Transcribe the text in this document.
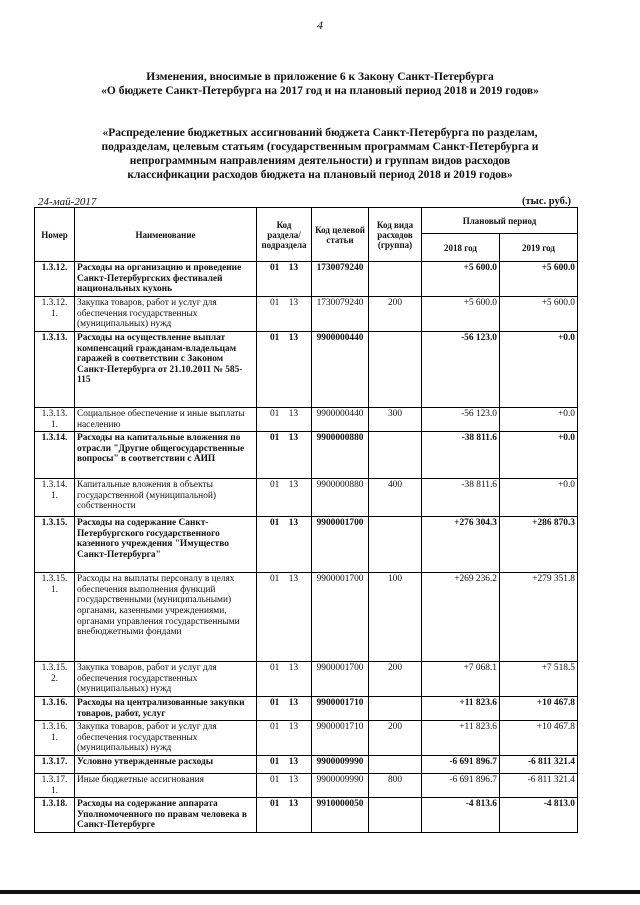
4
Изменения, вносимые в приложение 6 к Закону Санкт-Петербурга
«О бюджете Санкт-Петербурга на 2017 год и на плановый период 2018 и 2019 годов»
«Распределение бюджетных ассигнований бюджета Санкт-Петербурга по разделам,
подразделам, целевым статьям (государственным программам Санкт-Петербурга и
непрограммным направлениям деятельности) и группам видов расходов
классификации расходов бюджета на плановый период 2018 и 2019 годов»
24-май-2017	(тыс. руб.)
Номер	Наименование	Код раздела/ подраздела	Код целевой статьи	Код вида расходов (группа)	Плановый период	
					2018 год	2019 год
1.3.12.	Расходы на организацию и проведение Санкт-Петербургских фестивалей национальных кухонь	01 13	1730079240		+5 600.0	+5 600.0
1.3.12. 1.	Закупка товаров, работ и услуг для обеспечения государственных (муниципальных) нужд	01 13	1730079240	200	+5 600.0	+5 600.0
1.3.13.	Расходы на осуществление выплат компенсаций гражданам-владельцам гаражей в соответствии с Законом Санкт-Петербурга от 21.10.2011 № 585-115	01 13	9900000440		-56 123.0	+0.0
1.3.13. 1.	Социальное обеспечение и иные выплаты населению	01 13	9900000440	300	-56 123.0	+0.0
1.3.14.	Расходы на капитальные вложения по отрасли "Другие общегосударственные вопросы" в соответствии с АИП	01 13	9900000880		-38 811.6	+0.0
1.3.14. 1.	Капитальные вложения в объекты государственной (муниципальной) собственности	01 13	9900000880	400	-38 811.6	+0.0
1.3.15.	Расходы на содержание Санкт-Петербургского государственного казенного учреждения "Имущество Санкт-Петербурга"	01 13	9900001700		+276 304.3	+286 870.3
1.3.15. 1.	Расходы на выплаты персоналу в целях обеспечения выполнения функций государственными (муниципальными) органами, казенными учреждениями, органами управления государственными внебюджетными фондами	01 13	9900001700	100	+269 236.2	+279 351.8
1.3.15. 2.	Закупка товаров, работ и услуг для обеспечения государственных (муниципальных) нужд	01 13	9900001700	200	+7 068.1	+7 518.5
1.3.16.	Расходы на централизованные закупки товаров, работ, услуг	01 13	9900001710		+11 823.6	+10 467.8
1.3.16. 1.	Закупка товаров, работ и услуг для обеспечения государственных (муниципальных) нужд	01 13	9900001710	200	+11 823.6	+10 467.8
1.3.17.	Условно утвержденные расходы	01 13	9900009990		-6 691 896.7	-6 811 321.4
1.3.17. 1.	Иные бюджетные ассигнования	01 13	9900009990	800	-6 691 896.7	-6 811 321.4
1.3.18.	Расходы на содержание аппарата Уполномоченного по правам человека в Санкт-Петербурге	01 13	9910000050		-4 813.6	-4 813.0
